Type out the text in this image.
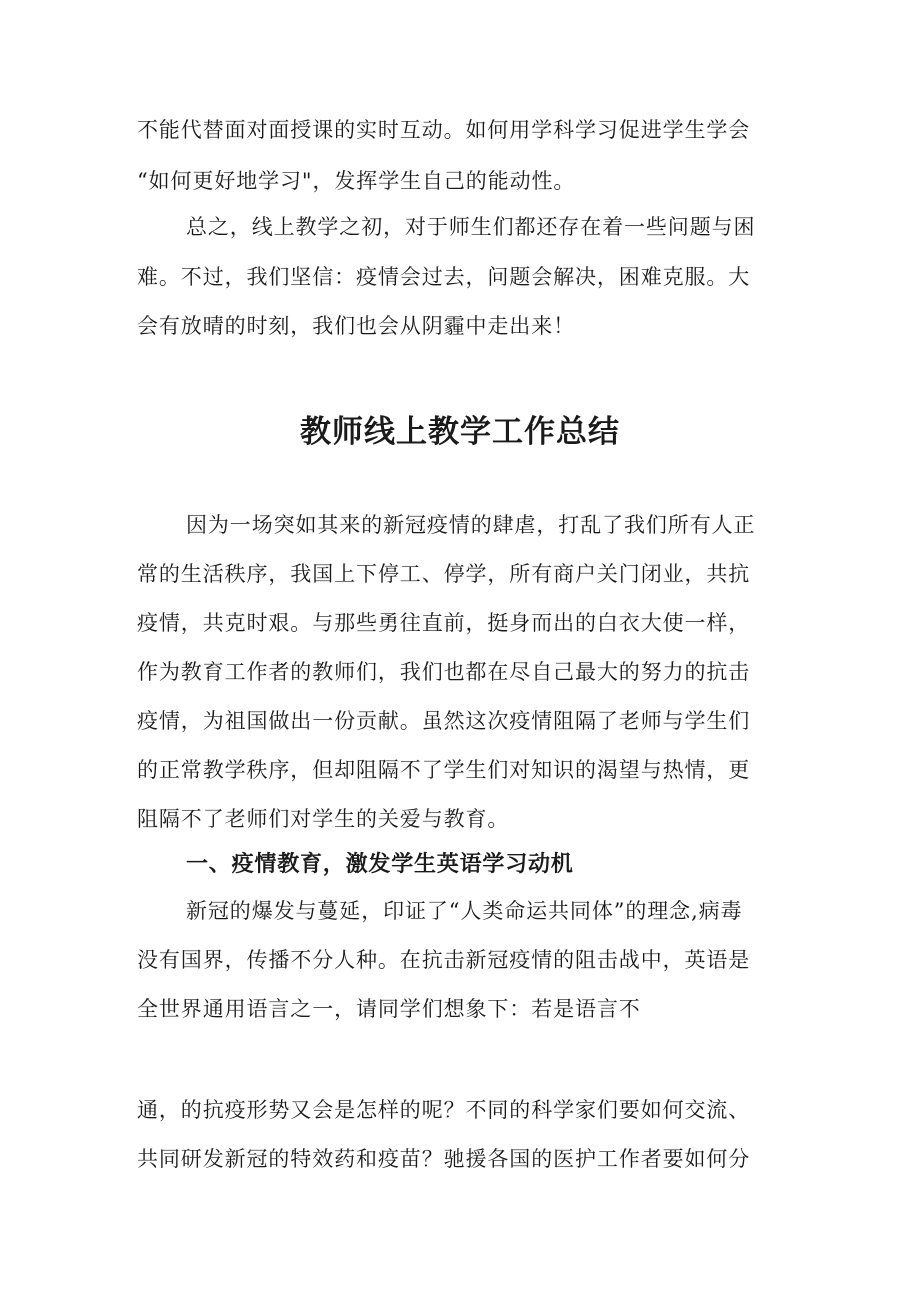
不能代替面对面授课的实时互动。如何用学科学习促进学生学会
“如何更好地学习"，发挥学生自己的能动性。
总之，线上教学之初，对于师生们都还存在着一些问题与困
难。不过，我们坚信：疫情会过去，问题会解决，困难克服。大
会有放晴的时刻，我们也会从阴霾中走出来！
教师线上教学工作总结
因为一场突如其来的新冠疫情的肆虐，打乱了我们所有人正
常的生活秩序，我国上下停工、停学，所有商户关门闭业，共抗
疫情，共克时艰。与那些勇往直前，挺身而出的白衣大使一样，
作为教育工作者的教师们，我们也都在尽自己最大的努力的抗击
疫情，为祖国做出一份贡献。虽然这次疫情阻隔了老师与学生们
的正常教学秩序，但却阻隔不了学生们对知识的渴望与热情，更
阻隔不了老师们对学生的关爱与教育。
一、疫情教育，激发学生英语学习动机
新冠的爆发与蔓延，印证了“人类命运共同体”的理念,病毒
没有国界，传播不分人种。在抗击新冠疫情的阻击战中，英语是
全世界通用语言之一，请同学们想象下：若是语言不
通，的抗疫形势又会是怎样的呢？不同的科学家们要如何交流、
共同研发新冠的特效药和疫苗？驰援各国的医护工作者要如何分
